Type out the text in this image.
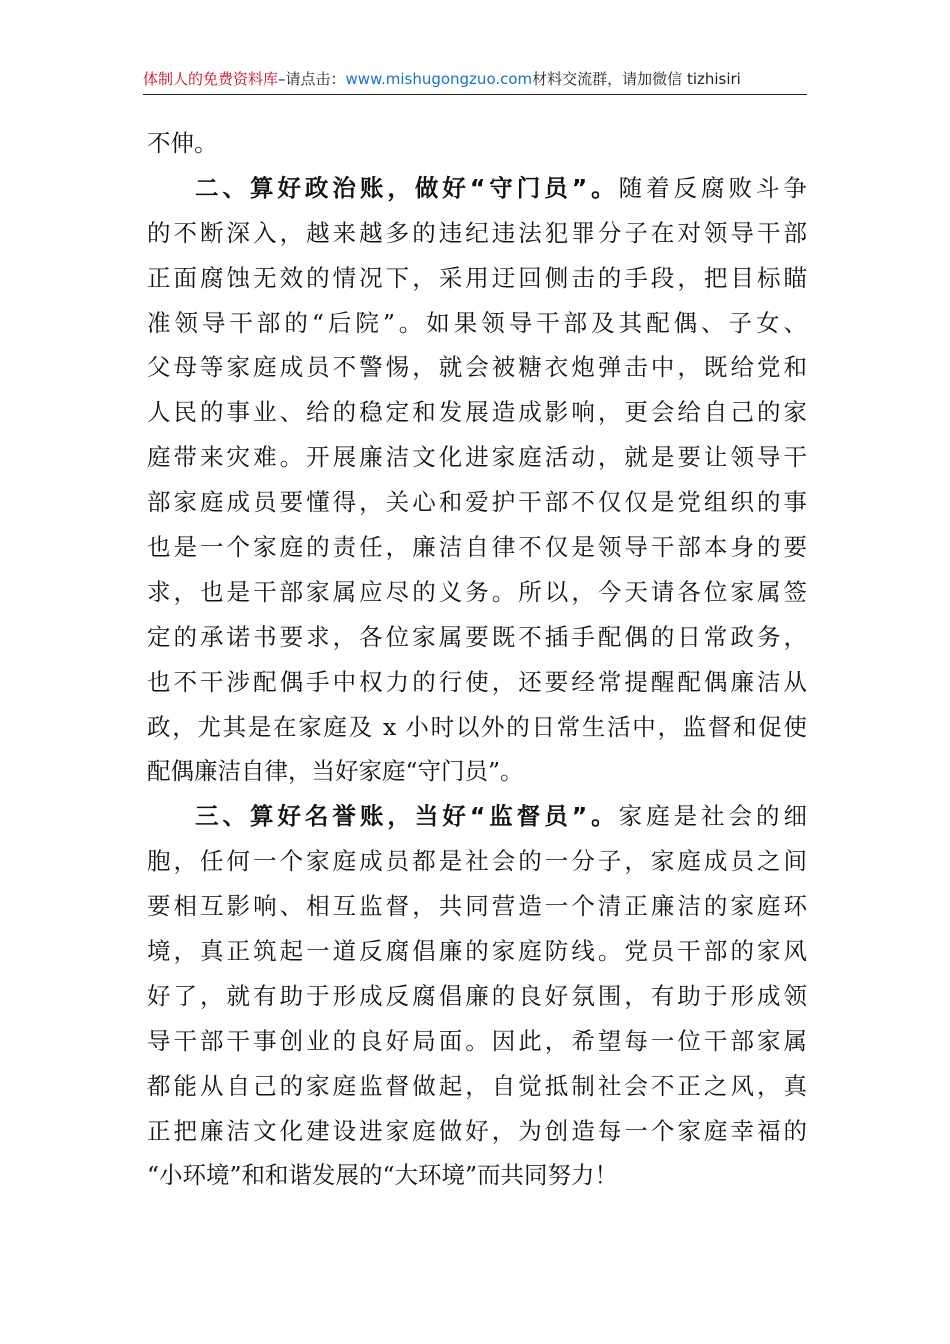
体制人的免费资料库–请点击：www.mishugongzuo.com材料交流群，请加微信 tizhisiri
不伸。
二、算好政治账，做好“守门员”。随着反腐败斗争
的不断深入，越来越多的违纪违法犯罪分子在对领导干部
正面腐蚀无效的情况下，采用迂回侧击的手段，把目标瞄
准领导干部的“后院”。如果领导干部及其配偶、子女、
父母等家庭成员不警惕，就会被糖衣炮弹击中，既给党和
人民的事业、给的稳定和发展造成影响，更会给自己的家
庭带来灾难。开展廉洁文化进家庭活动，就是要让领导干
部家庭成员要懂得，关心和爱护干部不仅仅是党组织的事
也是一个家庭的责任，廉洁自律不仅是领导干部本身的要
求，也是干部家属应尽的义务。所以，今天请各位家属签
定的承诺书要求，各位家属要既不插手配偶的日常政务，
也不干涉配偶手中权力的行使，还要经常提醒配偶廉洁从
政，尤其是在家庭及 x 小时以外的日常生活中，监督和促使
配偶廉洁自律，当好家庭“守门员”。
三、算好名誉账，当好“监督员”。家庭是社会的细
胞，任何一个家庭成员都是社会的一分子，家庭成员之间
要相互影响、相互监督，共同营造一个清正廉洁的家庭环
境，真正筑起一道反腐倡廉的家庭防线。党员干部的家风
好了，就有助于形成反腐倡廉的良好氛围，有助于形成领
导干部干事创业的良好局面。因此，希望每一位干部家属
都能从自己的家庭监督做起，自觉抵制社会不正之风，真
正把廉洁文化建设进家庭做好，为创造每一个家庭幸福的
“小环境”和和谐发展的“大环境”而共同努力！
